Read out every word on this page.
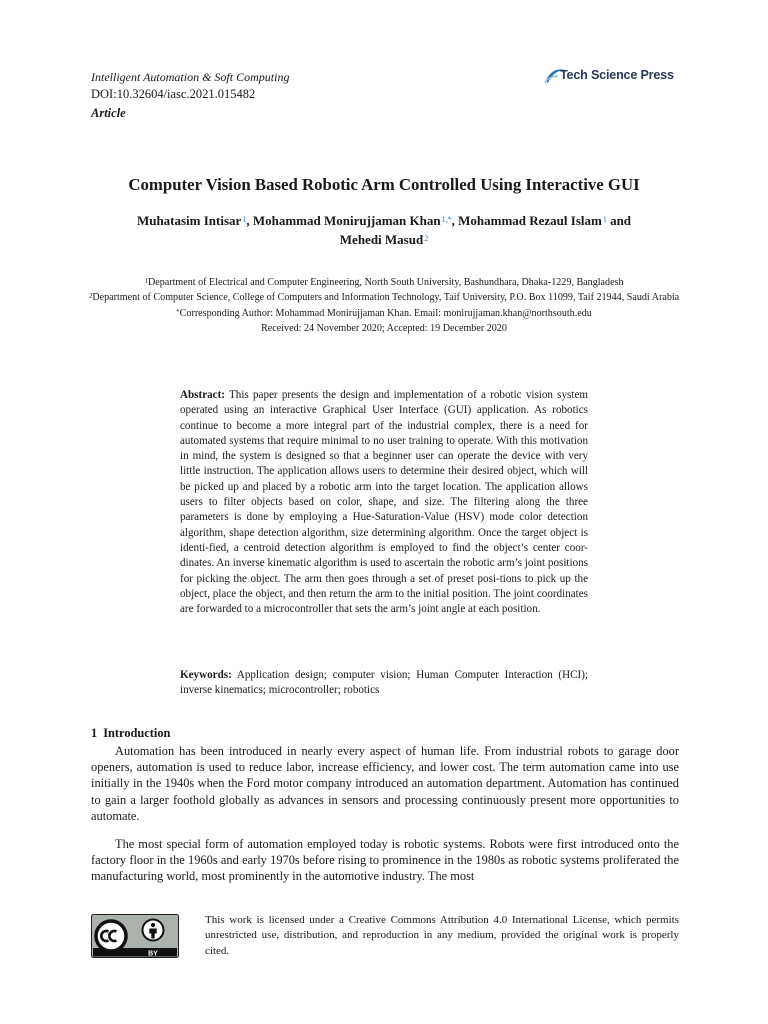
Intelligent Automation & Soft Computing
DOI:10.32604/iasc.2021.015482
Article
Tech Science Press
Computer Vision Based Robotic Arm Controlled Using Interactive GUI
Muhatasim Intisar$^1$, Mohammad Monirujjaman Khan$^{1,*}$, Mohammad Rezaul Islam$^1$ and
Mehedi Masud$^2$
$^1$Department of Electrical and Computer Engineering, North South University, Bashundhara, Dhaka-1229, Bangladesh
$^2$Department of Computer Science, College of Computers and Information Technology, Taif University, P.O. Box 11099, Taif 21944, Saudi Arabia
*Corresponding Author: Mohammad Monirujjaman Khan. Email: monirujjaman.khan@northsouth.edu
Received: 24 November 2020; Accepted: 19 December 2020
Abstract: This paper presents the design and implementation of a robotic vision system operated using an interactive Graphical User Interface (GUI) application. As robotics continue to become a more integral part of the industrial complex, there is a need for automated systems that require minimal to no user training to operate. With this motivation in mind, the system is designed so that a beginner user can operate the device with very little instruction. The application allows users to determine their desired object, which will be picked up and placed by a robotic arm into the target location. The application allows users to filter objects based on color, shape, and size. The filtering along the three parameters is done by employing a Hue-Saturation-Value (HSV) mode color detection algorithm, shape detection algorithm, size determining algorithm. Once the target object is identi-fied, a centroid detection algorithm is employed to find the object’s center coor-dinates. An inverse kinematic algorithm is used to ascertain the robotic arm’s joint positions for picking the object. The arm then goes through a set of preset posi-tions to pick up the object, place the object, and then return the arm to the initial position. The joint coordinates are forwarded to a microcontroller that sets the arm’s joint angle at each position.
Keywords: Application design; computer vision; Human Computer Interaction (HCI); inverse kinematics; microcontroller; robotics
1 Introduction
Automation has been introduced in nearly every aspect of human life. From industrial robots to garage door openers, automation is used to reduce labor, increase efficiency, and lower cost. The term automation came into use initially in the 1940s when the Ford motor company introduced an automation department. Automation has continued to gain a larger foothold globally as advances in sensors and processing continuously present more opportunities to automate.
The most special form of automation employed today is robotic systems. Robots were first introduced onto the factory floor in the 1960s and early 1970s before rising to prominence in the 1980s as robotic systems proliferated the manufacturing world, most prominently in the automotive industry. The most
BY
This work is licensed under a Creative Commons Attribution 4.0 International License, which permits unrestricted use, distribution, and reproduction in any medium, provided the original work is properly cited.
